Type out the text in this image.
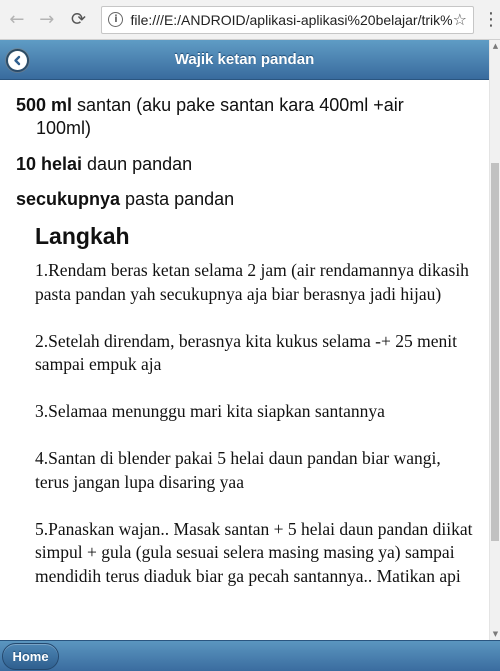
← → ⟳	i file:///E:/ANDROID/aplikasi-aplikasi%20belajar/trik% ☆ ⋮
Wajik ketan pandan
500 ml santan (aku pake santan kara 400ml +air
100ml)
10 helai daun pandan
secukupnya pasta pandan
Langkah

1.Rendam beras ketan selama 2 jam (air rendamannya dikasih pasta pandan yah secukupnya aja biar berasnya jadi hijau)

2.Setelah direndam, berasnya kita kukus selama -+ 25 menit sampai empuk aja

3.Selamaa menunggu mari kita siapkan santannya

4.Santan di blender pakai 5 helai daun pandan biar wangi, terus jangan lupa disaring yaa

5.Panaskan wajan.. Masak santan + 5 helai daun pandan diikat simpul + gula (gula sesuai selera masing masing ya) sampai mendidih terus diaduk biar ga pecah santannya.. Matikan api

▲
▼
Home
